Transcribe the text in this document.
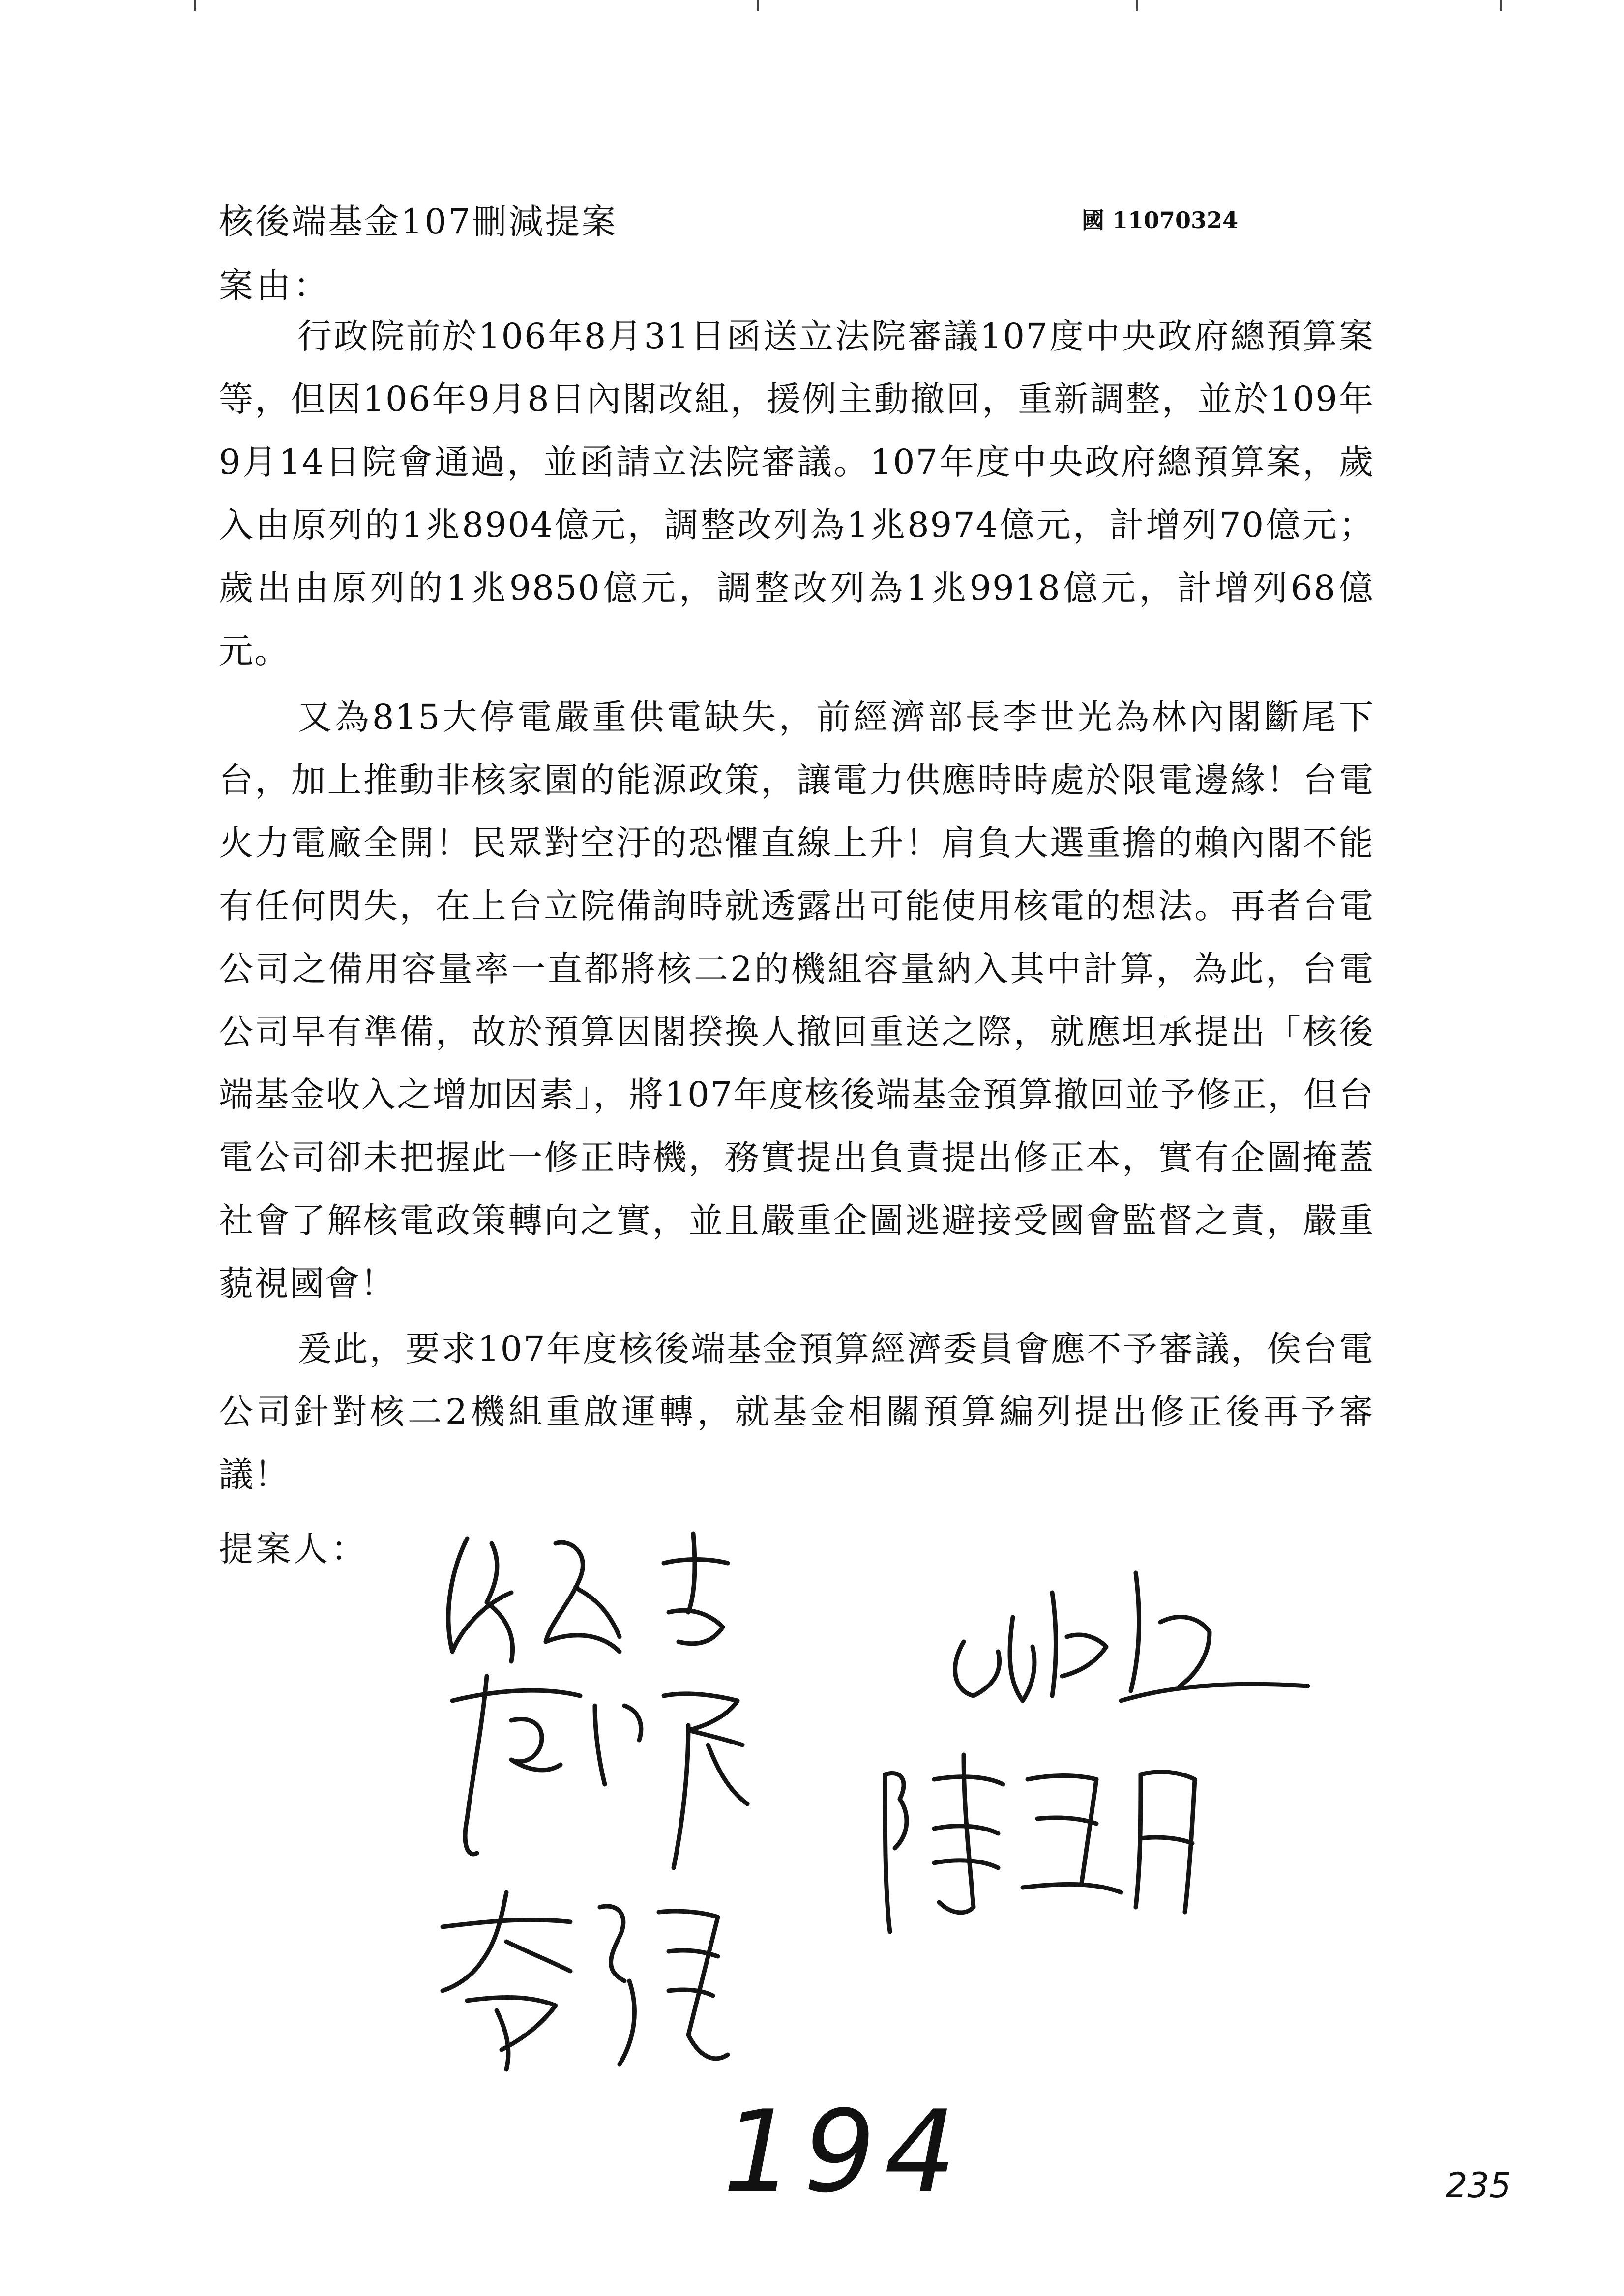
核後端基金107刪減提案	國 11070324
案由：

行政院前於106年8月31日函送立法院審議107度中央政府總預算案等，但因106年9月8日內閣改組，援例主動撤回，重新調整，並於109年9月14日院會通過，並函請立法院審議。107年度中央政府總預算案，歲入由原列的1兆8904億元，調整改列為1兆8974億元，計增列70億元；歲出由原列的1兆9850億元，調整改列為1兆9918億元，計增列68億元。

又為815大停電嚴重供電缺失，前經濟部長李世光為林內閣斷尾下台，加上推動非核家園的能源政策，讓電力供應時時處於限電邊緣！台電火力電廠全開！民眾對空汙的恐懼直線上升！肩負大選重擔的賴內閣不能有任何閃失，在上台立院備詢時就透露出可能使用核電的想法。再者台電公司之備用容量率一直都將核二2的機組容量納入其中計算，為此，台電公司早有準備，故於預算因閣揆換人撤回重送之際，就應坦承提出「核後端基金收入之增加因素」，將107年度核後端基金預算撤回並予修正，但台電公司卻未把握此一修正時機，務實提出負責提出修正本，實有企圖掩蓋社會了解核電政策轉向之實，並且嚴重企圖逃避接受國會監督之責，嚴重藐視國會！

爰此，要求107年度核後端基金預算經濟委員會應不予審議，俟台電公司針對核二2機組重啟運轉，就基金相關預算編列提出修正後再予審議！

提案人：
194	235
